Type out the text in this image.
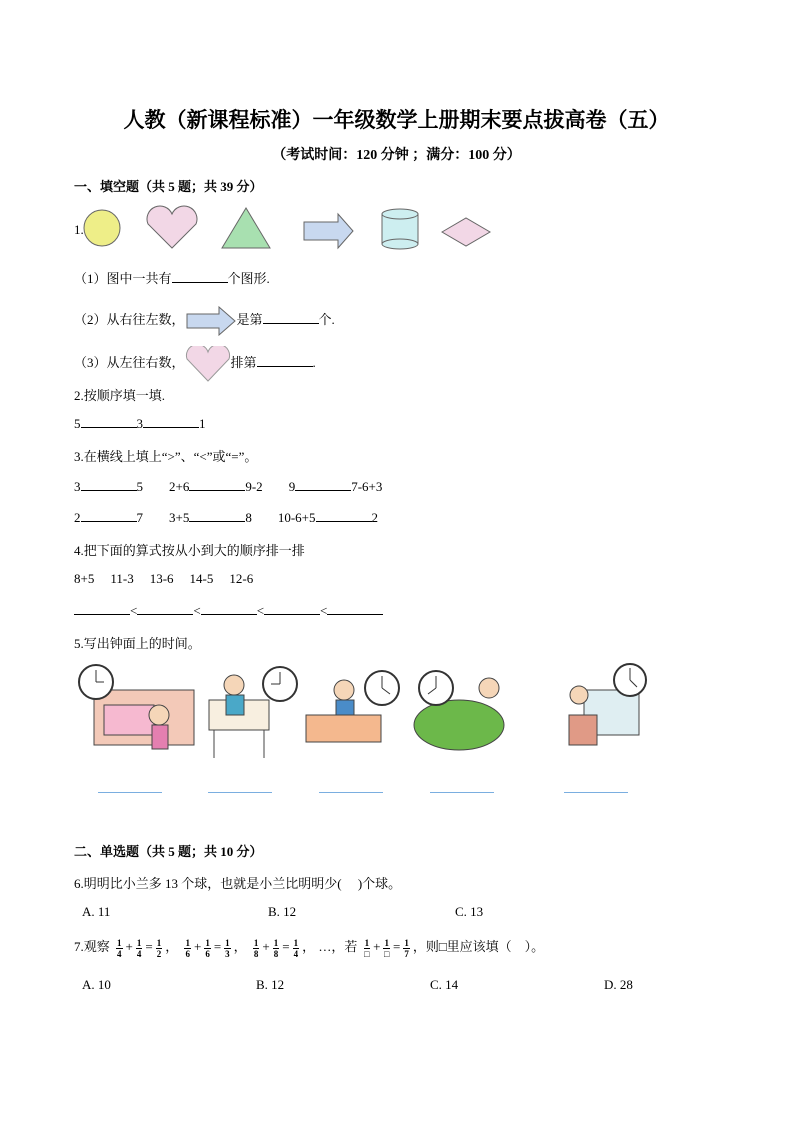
人教（新课程标准）一年级数学上册期末要点拔高卷（五）
（考试时间：120 分钟 ；满分：100 分）
一、填空题（共 5 题；共 39 分）
1.
（1）图中一共有	个图形.
（2）从右往左数，	是第	个.
（3）从左往右数，	排第	.
2.按顺序填一填.
5	3	1
3.在横线上填上“>”、“<”或“=”。
3	5 2+6	9-2 9	7-6+3
2	7 3+5	8 10-6+5	2
4.把下面的算式按从小到大的顺序排一排
8+5 11-3 13-6 14-5 12-6
<	<	<	<
5.写出钟面上的时间。
二、单选题（共 5 题；共 10 分）
6.明明比小兰多 13 个球，也就是小兰比明明少(　 )个球。
A. 11	B. 12	C. 13
7.观察 $\frac{1}{4} + \frac{1}{4} = \frac{1}{2}$ ， $\frac{1}{6} + \frac{1}{6} = \frac{1}{3}$ ， $\frac{1}{8} + \frac{1}{8} = \frac{1}{4}$ ， …，若 $\frac{1}{□} + \frac{1}{□} = \frac{1}{7}$ ，则□里应该填（　）。
A. 10	B. 12	C. 14	D. 28
